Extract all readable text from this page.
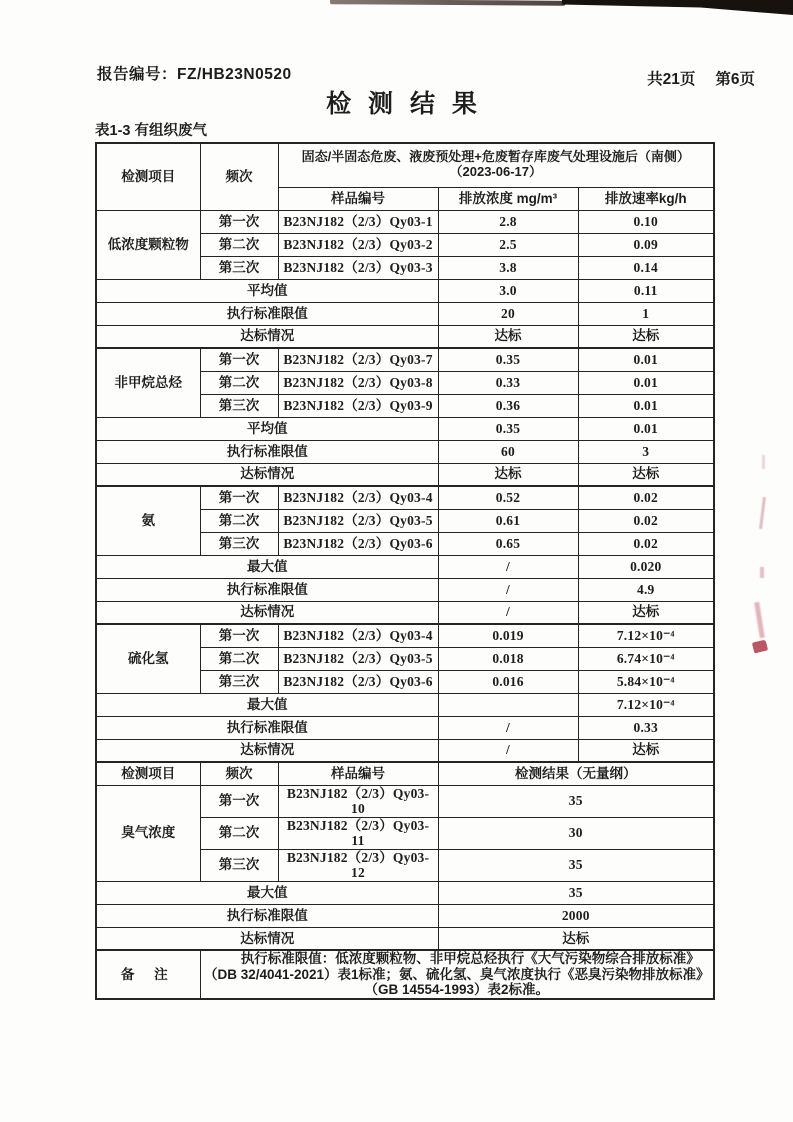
报告编号：FZ/HB23N0520	共21页 第6页
检 测 结 果
表1-3 有组织废气
检测项目	频次	固态/半固态危废、液废预处理+危废暂存库废气处理设施后（南侧）
（2023-06-17）		

		样品编号	排放浓度 mg/m³	排放速率kg/h
低浓度颗粒物	第一次	B23NJ182（2/3）Qy03-1	2.8	0.10
	第二次	B23NJ182（2/3）Qy03-2	2.5	0.09
	第三次	B23NJ182（2/3）Qy03-3	3.8	0.14
平均值			3.0	0.11
执行标准限值			20	1
达标情况			达标	达标
非甲烷总烃	第一次	B23NJ182（2/3）Qy03-7	0.35	0.01
	第二次	B23NJ182（2/3）Qy03-8	0.33	0.01
	第三次	B23NJ182（2/3）Qy03-9	0.36	0.01
平均值			0.35	0.01
执行标准限值			60	3
达标情况			达标	达标
氨	第一次	B23NJ182（2/3）Qy03-4	0.52	0.02
	第二次	B23NJ182（2/3）Qy03-5	0.61	0.02
	第三次	B23NJ182（2/3）Qy03-6	0.65	0.02
最大值			/	0.020
执行标准限值			/	4.9
达标情况			/	达标
硫化氢	第一次	B23NJ182（2/3）Qy03-4	0.019	7.12×10⁻⁴
	第二次	B23NJ182（2/3）Qy03-5	0.018	6.74×10⁻⁴
	第三次	B23NJ182（2/3）Qy03-6	0.016	5.84×10⁻⁴
最大值				7.12×10⁻⁴
执行标准限值			/	0.33
达标情况			/	达标
检测项目	频次	样品编号	检测结果（无量纲）	
臭气浓度	第一次	B23NJ182（2/3）Qy03-10	35	
	第二次	B23NJ182（2/3）Qy03-11	30	
	第三次	B23NJ182（2/3）Qy03-12	35	
最大值			35	
执行标准限值			2000	
达标情况			达标	
备 注	执行标准限值：低浓度颗粒物、非甲烷总烃执行《大气污染物综合排放标准》（DB 32/4041-2021）表1标准；氨、硫化氢、臭气浓度执行《恶臭污染物排放标准》（GB 14554-1993）表2标准。			
